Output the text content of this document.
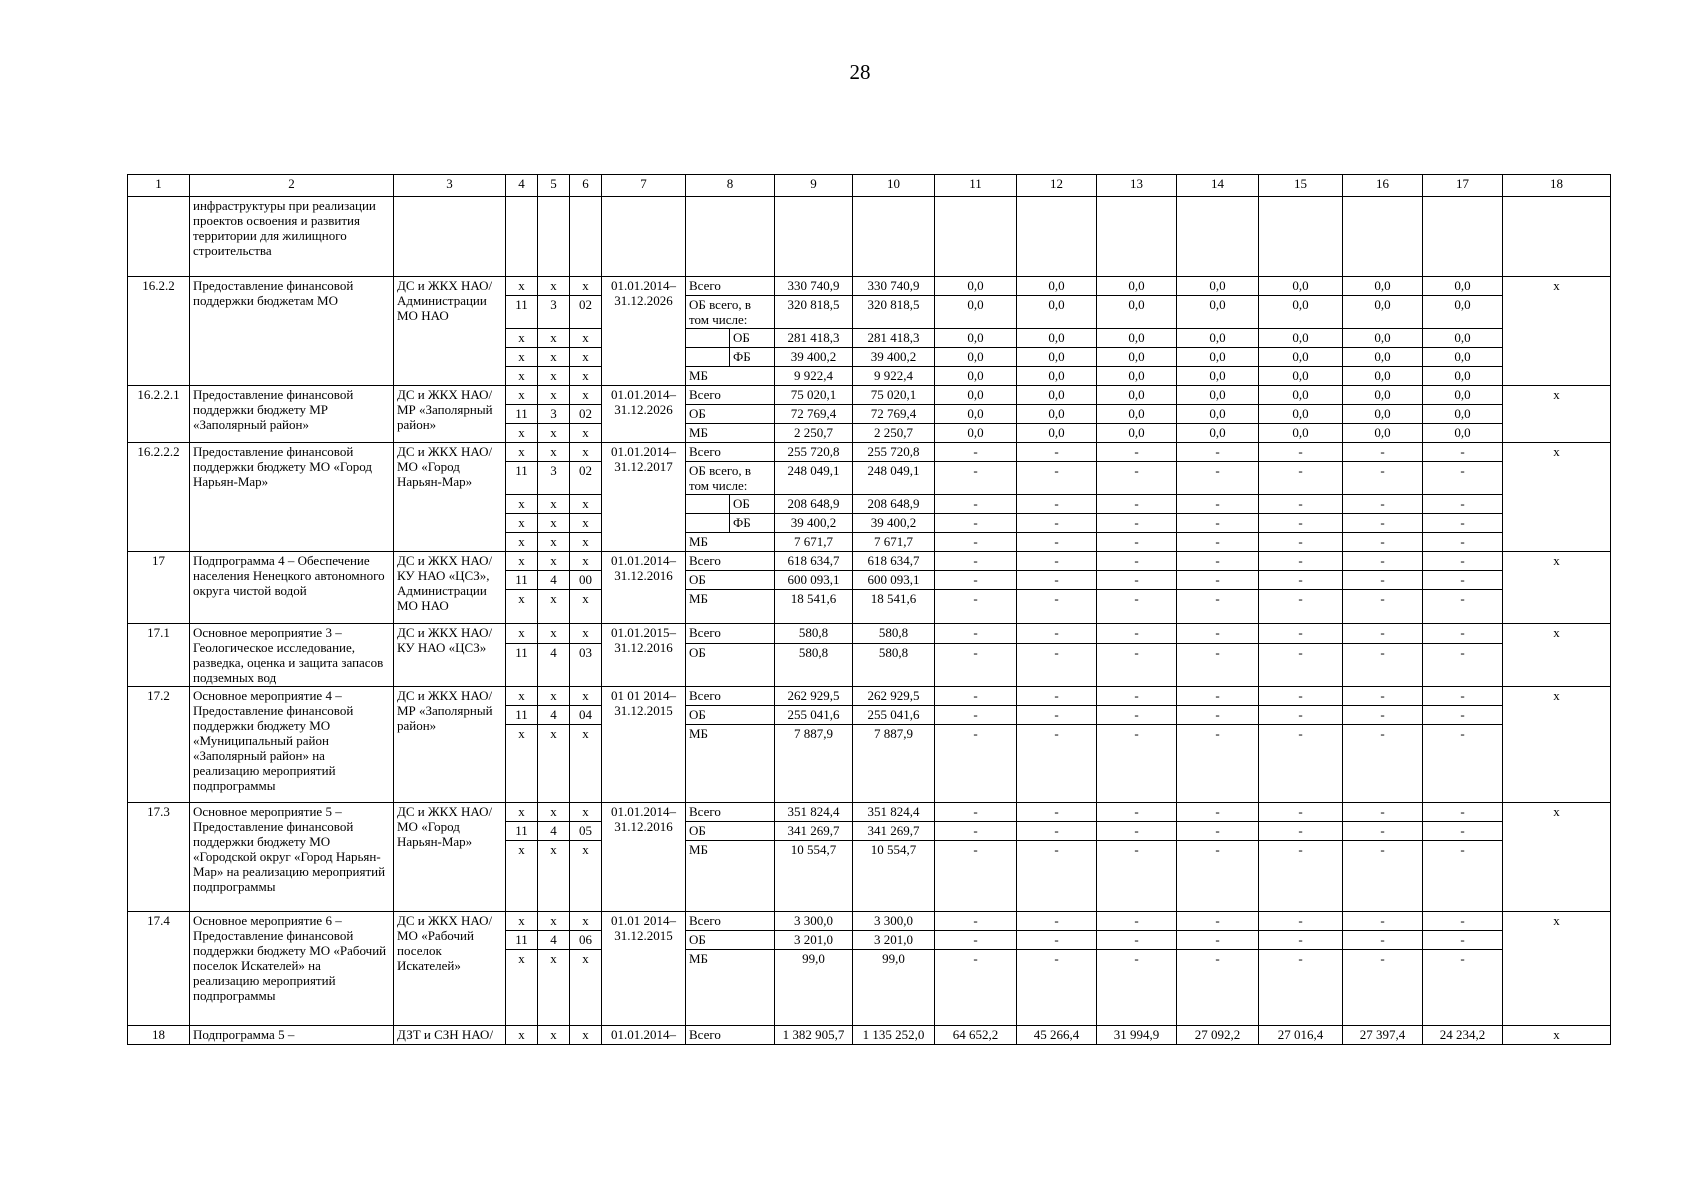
28
1	2	3	4	5	6	7	8		9	10	11	12	13	14	15	16	17	18
	инфраструктуры при реализации проектов освоения и развития территории для жилищного строительства																	
16.2.2	Предоставление финансовой поддержки бюджетам МО	ДС и ЖКХ НАО/ Администрации МО НАО	x	x	x	01.01.2014– 31.12.2026	Всего		330 740,9	330 740,9	0,0	0,0	0,0	0,0	0,0	0,0	0,0	x
			11	3	02		ОБ всего, в том числе:		320 818,5	320 818,5	0,0	0,0	0,0	0,0	0,0	0,0	0,0	
			x	x	x			ОБ	281 418,3	281 418,3	0,0	0,0	0,0	0,0	0,0	0,0	0,0	
			x	x	x			ФБ	39 400,2	39 400,2	0,0	0,0	0,0	0,0	0,0	0,0	0,0	
			x	x	x		МБ		9 922,4	9 922,4	0,0	0,0	0,0	0,0	0,0	0,0	0,0	
16.2.2.1	Предоставление финансовой поддержки бюджету МР «Заполярный район»	ДС и ЖКХ НАО/ МР «Заполярный район»	x	x	x	01.01.2014– 31.12.2026	Всего		75 020,1	75 020,1	0,0	0,0	0,0	0,0	0,0	0,0	0,0	x
			11	3	02		ОБ		72 769,4	72 769,4	0,0	0,0	0,0	0,0	0,0	0,0	0,0	
			x	x	x		МБ		2 250,7	2 250,7	0,0	0,0	0,0	0,0	0,0	0,0	0,0	
16.2.2.2	Предоставление финансовой поддержки бюджету МО «Город Нарьян-Мар»	ДС и ЖКХ НАО/ МО «Город Нарьян-Мар»	x	x	x	01.01.2014– 31.12.2017	Всего		255 720,8	255 720,8	-	-	-	-	-	-	-	x
			11	3	02		ОБ всего, в том числе:		248 049,1	248 049,1	-	-	-	-	-	-	-	
			x	x	x			ОБ	208 648,9	208 648,9	-	-	-	-	-	-	-	
			x	x	x			ФБ	39 400,2	39 400,2	-	-	-	-	-	-	-	
			x	x	x		МБ		7 671,7	7 671,7	-	-	-	-	-	-	-	
17	Подпрограмма 4 – Обеспечение населения Ненецкого автономного округа чистой водой	ДС и ЖКХ НАО/ КУ НАО «ЦСЗ», Администрации МО НАО	x	x	x	01.01.2014– 31.12.2016	Всего		618 634,7	618 634,7	-	-	-	-	-	-	-	x
			11	4	00		ОБ		600 093,1	600 093,1	-	-	-	-	-	-	-	
			x	x	x		МБ		18 541,6	18 541,6	-	-	-	-	-	-	-	
17.1	Основное мероприятие 3 – Геологическое исследование, разведка, оценка и защита запасов подземных вод	ДС и ЖКХ НАО/ КУ НАО «ЦСЗ»	x	x	x	01.01.2015– 31.12.2016	Всего		580,8	580,8	-	-	-	-	-	-	-	x
			11	4	03		ОБ		580,8	580,8	-	-	-	-	-	-	-	
17.2	Основное мероприятие 4 – Предоставление финансовой поддержки бюджету МО «Муниципальный район «Заполярный район» на реализацию мероприятий подпрограммы	ДС и ЖКХ НАО/ МР «Заполярный район»	x	x	x	01 01 2014– 31.12.2015	Всего		262 929,5	262 929,5	-	-	-	-	-	-	-	x
			11	4	04		ОБ		255 041,6	255 041,6	-	-	-	-	-	-	-	
			x	x	x		МБ		7 887,9	7 887,9	-	-	-	-	-	-	-	
17.3	Основное мероприятие 5 – Предоставление финансовой поддержки бюджету МО «Городской округ «Город Нарьян-Мар» на реализацию мероприятий подпрограммы	ДС и ЖКХ НАО/ МО «Город Нарьян-Мар»	x	x	x	01.01.2014– 31.12.2016	Всего		351 824,4	351 824,4	-	-	-	-	-	-	-	x
			11	4	05		ОБ		341 269,7	341 269,7	-	-	-	-	-	-	-	
			x	x	x		МБ		10 554,7	10 554,7	-	-	-	-	-	-	-	
17.4	Основное мероприятие 6 – Предоставление финансовой поддержки бюджету МО «Рабочий поселок Искателей» на реализацию мероприятий подпрограммы	ДС и ЖКХ НАО/ МО «Рабочий поселок Искателей»	x	x	x	01.01 2014– 31.12.2015	Всего		3 300,0	3 300,0	-	-	-	-	-	-	-	x
			11	4	06		ОБ		3 201,0	3 201,0	-	-	-	-	-	-	-	
			x	x	x		МБ		99,0	99,0	-	-	-	-	-	-	-	
18	Подпрограмма 5 –	ДЗТ и СЗН НАО/	x	x	x	01.01.2014–	Всего		1 382 905,7	1 135 252,0	64 652,2	45 266,4	31 994,9	27 092,2	27 016,4	27 397,4	24 234,2	x
